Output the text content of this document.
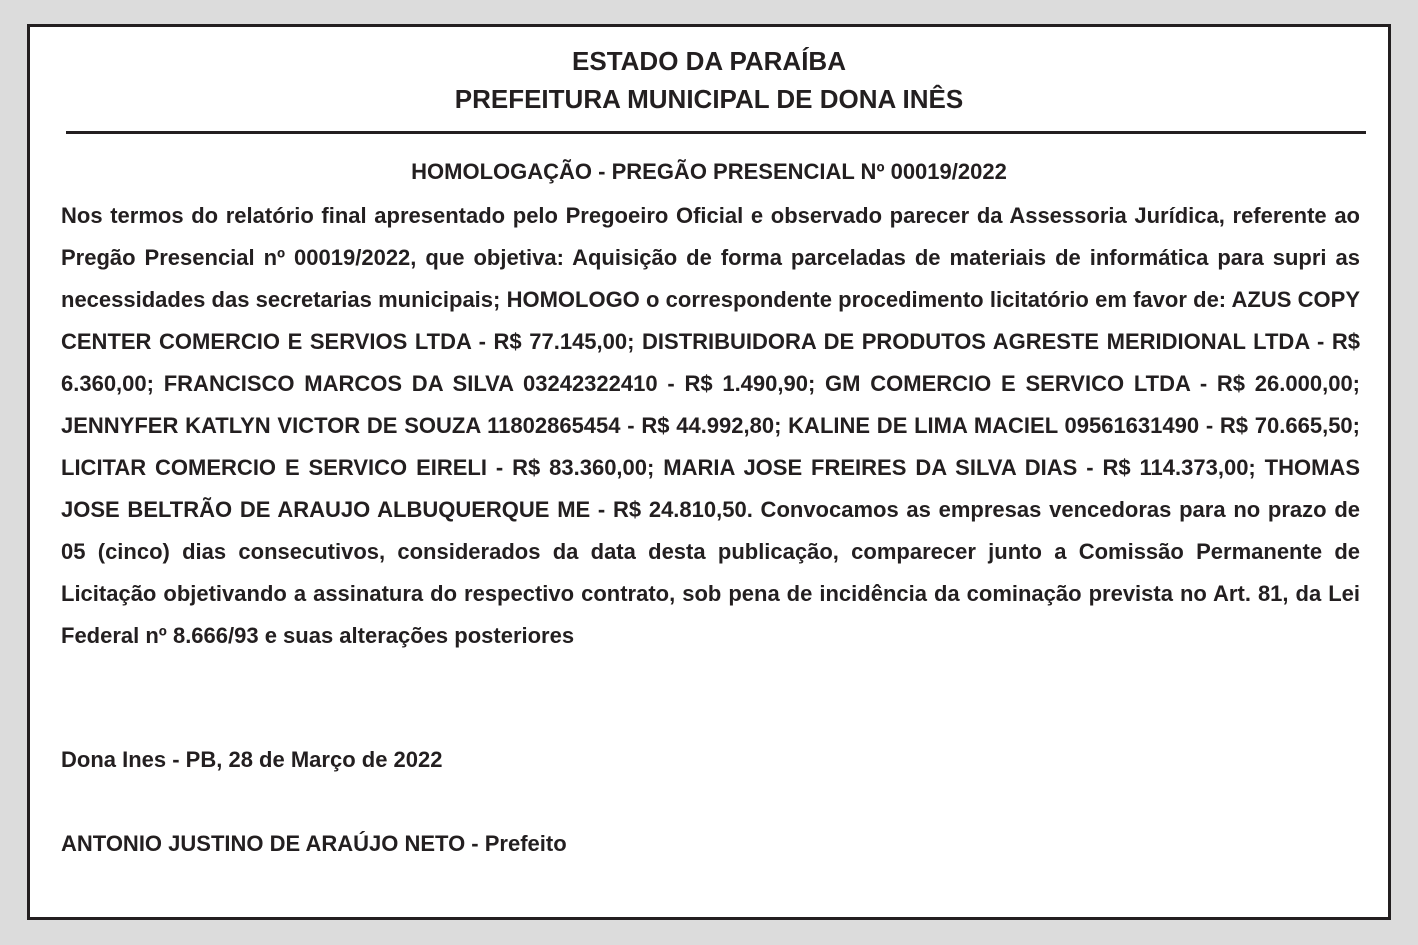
ESTADO DA PARAÍBA
PREFEITURA MUNICIPAL DE DONA INÊS
HOMOLOGAÇÃO - PREGÃO PRESENCIAL Nº 00019/2022

Nos termos do relatório final apresentado pelo Pregoeiro Oficial e observado parecer da Assessoria Jurídica, referente ao Pregão Presencial nº 00019/2022, que objetiva: Aquisição de forma parceladas de materiais de informática para supri as necessidades das secretarias municipais; HOMOLOGO o correspondente procedimento licitatório em favor de: AZUS COPY CENTER COMERCIO E SERVIOS LTDA - R$ 77.145,00; DISTRIBUIDORA DE PRODUTOS AGRESTE MERIDIONAL LTDA - R$ 6.360,00; FRANCISCO MARCOS DA SILVA 03242322410 - R$ 1.490,90; GM COMERCIO E SERVICO LTDA - R$ 26.000,00; JENNYFER KATLYN VICTOR DE SOUZA 11802865454 - R$ 44.992,80; KALINE DE LIMA MACIEL 09561631490 - R$ 70.665,50; LICITAR COMERCIO E SERVICO EIRELI - R$ 83.360,00; MARIA JOSE FREIRES DA SILVA DIAS - R$ 114.373,00; THOMAS JOSE BELTRÃO DE ARAUJO ALBUQUERQUE ME - R$ 24.810,50. Convocamos as empresas vencedoras para no prazo de 05 (cinco) dias consecutivos, considerados da data desta publicação, comparecer junto a Comissão Permanente de Licitação objetivando a assinatura do respectivo contrato, sob pena de incidência da cominação prevista no Art. 81, da Lei Federal nº 8.666/93 e suas alterações posteriores

Dona Ines - PB, 28 de Março de 2022
ANTONIO JUSTINO DE ARAÚJO NETO - Prefeito
